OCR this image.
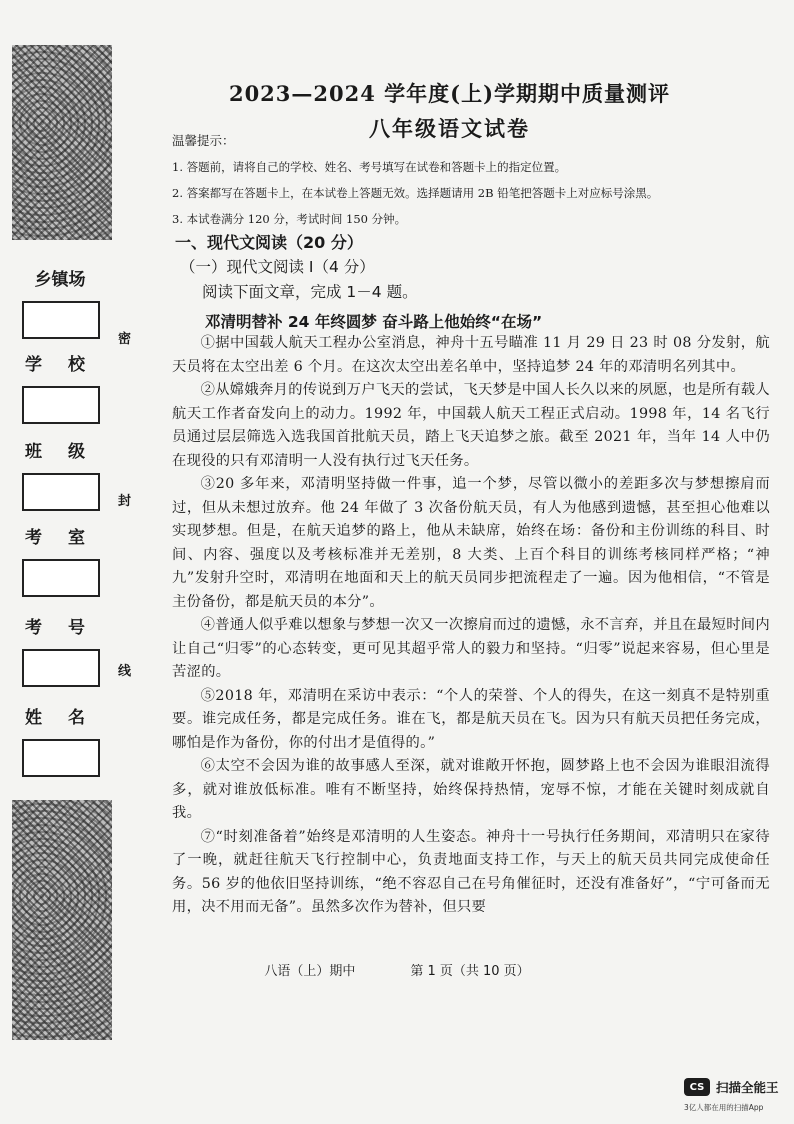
乡镇场
学 校
班 级
考 室
考 号
姓 名
密
封
线
2023—2024 学年度(上)学期期中质量测评
八年级语文试卷
温馨提示：
1. 答题前，请将自己的学校、姓名、考号填写在试卷和答题卡上的指定位置。
2. 答案都写在答题卡上，在本试卷上答题无效。选择题请用 2B 铅笔把答题卡上对应标号涂黑。
3. 本试卷满分 120 分，考试时间 150 分钟。
一、现代文阅读（20 分）
（一）现代文阅读 Ⅰ（4 分）
阅读下面文章，完成 1－4 题。
邓清明替补 24 年终圆梦 奋斗路上他始终“在场”

①据中国载人航天工程办公室消息，神舟十五号瞄准 11 月 29 日 23 时 08 分发射，航天员将在太空出差 6 个月。在这次太空出差名单中，坚持追梦 24 年的邓清明名列其中。

②从嫦娥奔月的传说到万户飞天的尝试，飞天梦是中国人长久以来的夙愿，也是所有载人航天工作者奋发向上的动力。1992 年，中国载人航天工程正式启动。1998 年，14 名飞行员通过层层筛选入选我国首批航天员，踏上飞天追梦之旅。截至 2021 年，当年 14 人中仍在现役的只有邓清明一人没有执行过飞天任务。

③20 多年来，邓清明坚持做一件事，追一个梦，尽管以微小的差距多次与梦想擦肩而过，但从未想过放弃。他 24 年做了 3 次备份航天员，有人为他感到遗憾，甚至担心他难以实现梦想。但是，在航天追梦的路上，他从未缺席，始终在场：备份和主份训练的科目、时间、内容、强度以及考核标准并无差别，8 大类、上百个科目的训练考核同样严格；“神九”发射升空时，邓清明在地面和天上的航天员同步把流程走了一遍。因为他相信，“不管是主份备份，都是航天员的本分”。

④普通人似乎难以想象与梦想一次又一次擦肩而过的遗憾，永不言弃，并且在最短时间内让自己“归零”的心态转变，更可见其超乎常人的毅力和坚持。“归零”说起来容易，但心里是苦涩的。

⑤2018 年，邓清明在采访中表示：“个人的荣誉、个人的得失，在这一刻真不是特别重要。谁完成任务，都是完成任务。谁在飞，都是航天员在飞。因为只有航天员把任务完成，哪怕是作为备份，你的付出才是值得的。”

⑥太空不会因为谁的故事感人至深，就对谁敞开怀抱，圆梦路上也不会因为谁眼泪流得多，就对谁放低标准。唯有不断坚持，始终保持热情，宠辱不惊，才能在关键时刻成就自我。

⑦“时刻准备着”始终是邓清明的人生姿态。神舟十一号执行任务期间，邓清明只在家待了一晚，就赶往航天飞行控制中心，负责地面支持工作，与天上的航天员共同完成使命任务。56 岁的他依旧坚持训练，“绝不容忍自己在号角催征时，还没有准备好”，“宁可备而无用，决不用而无备”。虽然多次作为替补，但只要

八语（上）期中	第 1 页（共 10 页）
CS 扫描全能王
3亿人都在用的扫描App
